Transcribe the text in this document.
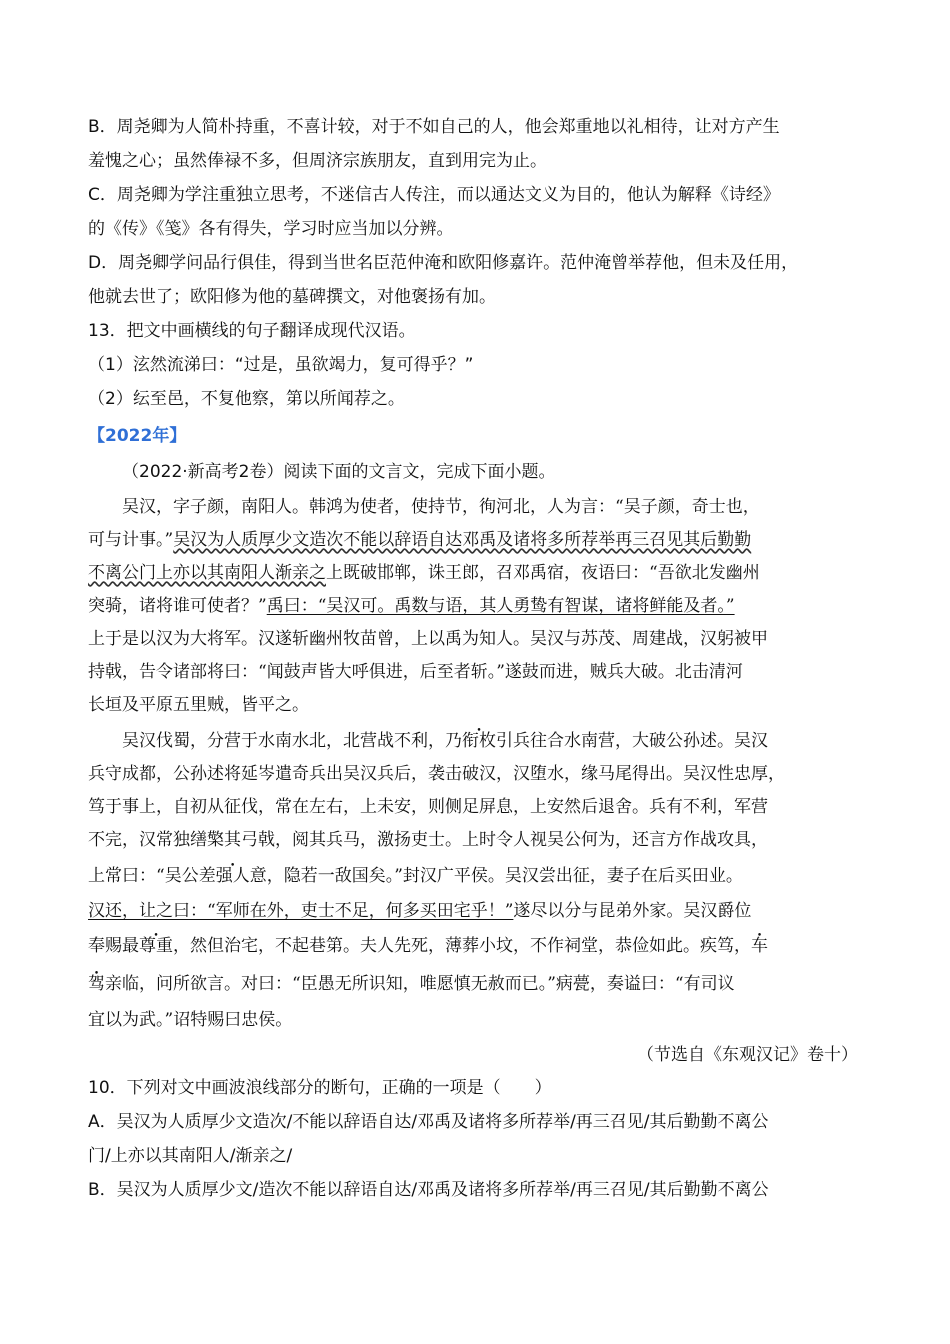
B．周尧卿为人简朴持重，不喜计较，对于不如自己的人，他会郑重地以礼相待，让对方产生
羞愧之心；虽然俸禄不多，但周济宗族朋友，直到用完为止。
C．周尧卿为学注重独立思考，不迷信古人传注，而以通达文义为目的，他认为解释《诗经》
的《传》《笺》各有得失，学习时应当加以分辨。
D．周尧卿学问品行俱佳，得到当世名臣范仲淹和欧阳修嘉许。范仲淹曾举荐他，但未及任用，
他就去世了；欧阳修为他的墓碑撰文，对他褒扬有加。
13．把文中画横线的句子翻译成现代汉语。
（1）泫然流涕曰：“过是，虽欲竭力，复可得乎？”
（2）纭至邑，不复他察，第以所闻荐之。
【2022年】
（2022·新高考2卷）阅读下面的文言文，完成下面小题。
吴汉，字子颜，南阳人。韩鸿为使者，使持节，徇河北，人为言：“吴子颜，奇士也，
可与计事。”吴汉为人质厚少文造次不能以辞语自达邓禹及诸将多所荐举再三召见其后勤勤
不离公门上亦以其南阳人渐亲之上既破邯郸，诛王郎，召邓禹宿，夜语曰：“吾欲北发幽州
突骑，诸将谁可使者？”禹曰：“吴汉可。禹数与语，其人勇鸷有智谋，诸将鲜能及者。”
上于是以汉为大将军。汉遂斩幽州牧苗曾，上以禹为知人。吴汉与苏茂、周建战，汉躬被甲
持戟，告令诸部将曰：“闻鼓声皆大呼俱进，后至者斩。”遂鼓而进，贼兵大破。北击清河
长垣及平原五里贼，皆平之。
吴汉伐蜀，分营于水南水北，北营战不利，乃衔枚引兵往合水南营，大破公孙述。吴汉
兵守成都，公孙述将延岑遣奇兵出吴汉兵后，袭击破汉，汉堕水，缘马尾得出。吴汉性忠厚，
笃于事上，自初从征伐，常在左右，上未安，则侧足屏息，上安然后退舍。兵有不利，军营
不完，汉常独缮檠其弓戟，阅其兵马，激扬吏士。上时令人视吴公何为，还言方作战攻具，
上常曰：“吴公差强人意，隐若一敌国矣。”封汉广平侯。吴汉尝出征，妻子在后买田业。
汉还，让之曰：“军师在外，吏士不足，何多买田宅乎！”遂尽以分与昆弟外家。吴汉爵位
奉赐最尊重，然但治宅，不起巷第。夫人先死，薄葬小坟，不作祠堂，恭俭如此。疾笃，车
驾亲临，问所欲言。对曰：“臣愚无所识知，唯愿慎无赦而已。”病甍，奏谥曰：“有司议
宜以为武。”诏特赐曰忠侯。
（节选自《东观汉记》卷十）
10．下列对文中画波浪线部分的断句，正确的一项是（　　）
A．吴汉为人质厚少文造次/不能以辞语自达/邓禹及诸将多所荐举/再三召见/其后勤勤不离公
门/上亦以其南阳人/渐亲之/
B．吴汉为人质厚少文/造次不能以辞语自达/邓禹及诸将多所荐举/再三召见/其后勤勤不离公
